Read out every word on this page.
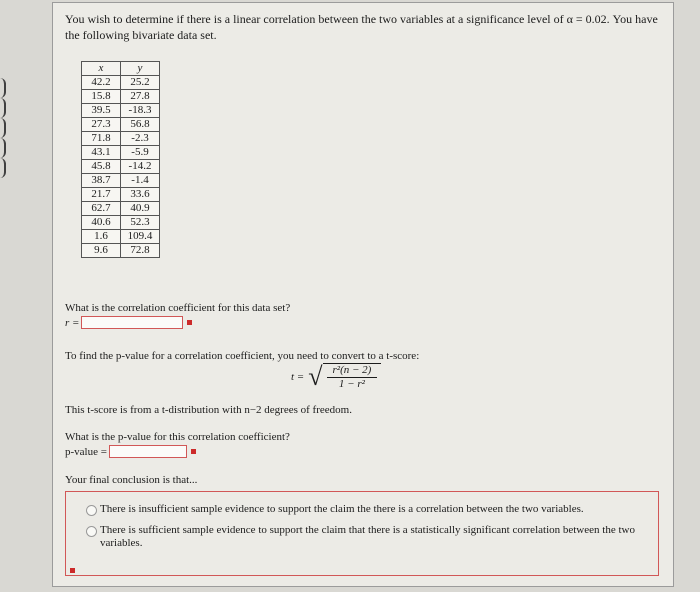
You wish to determine if there is a linear correlation between the two variables at a significance level of α = 0.02. You have the following bivariate data set.
x	y
42.2	25.2
15.8	27.8
39.5	-18.3
27.3	56.8
71.8	-2.3
43.1	-5.9
45.8	-14.2
38.7	-1.4
21.7	33.6
62.7	40.9
40.6	52.3
1.6	109.4
9.6	72.8
What is the correlation coefficient for this data set?
r =
To find the p-value for a correlation coefficient, you need to convert to a t-score:
t = √ $\frac{\text{r²(n − 2)}}{\text{1 − r²}}$
This t-score is from a t-distribution with n−2 degrees of freedom.
What is the p-value for this correlation coefficient?
p-value =
Your final conclusion is that...
There is insufficient sample evidence to support the claim the there is a correlation between the two variables.
There is sufficient sample evidence to support the claim that there is a statistically significant correlation between the two variables.
